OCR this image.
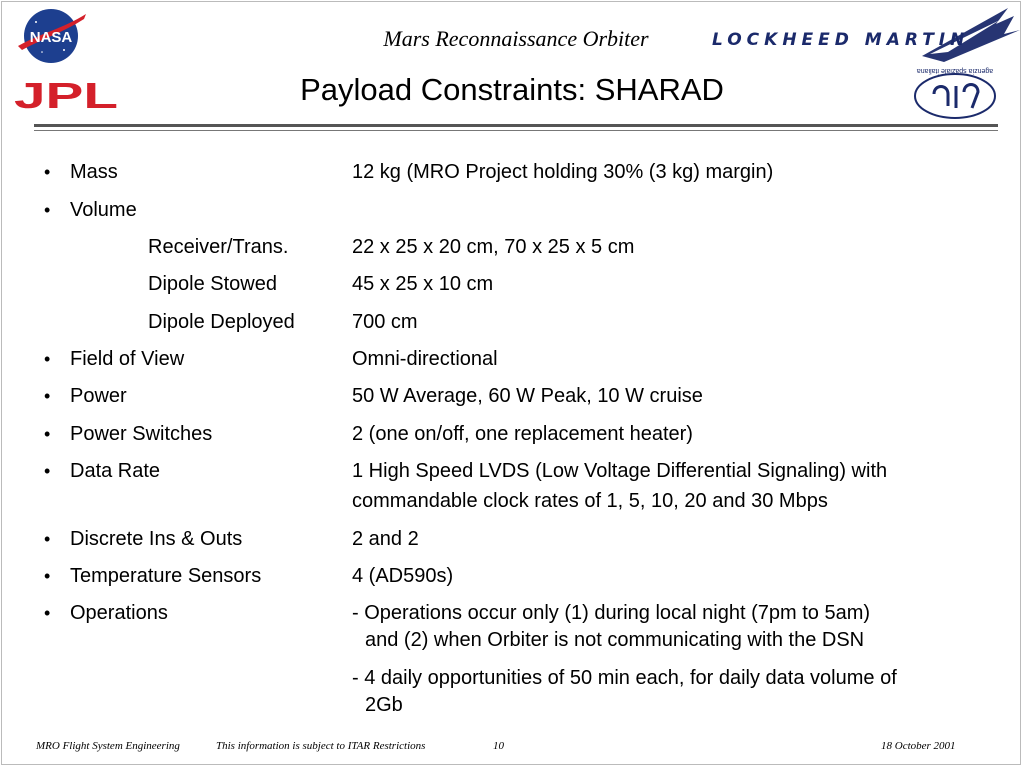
NASA
JPL
Mars Reconnaissance Orbiter
Payload Constraints: SHARAD
LOCKHEED MARTIN
agenzia spaziale italiana
• Mass	12 kg (MRO Project holding 30% (3 kg) margin)
• Volume
Receiver/Trans.	22 x 25 x 20 cm, 70 x 25 x 5 cm
Dipole Stowed	45 x 25 x 10 cm
Dipole Deployed	700 cm
• Field of View	Omni-directional
• Power	50 W Average, 60 W Peak, 10 W cruise
• Power Switches	2 (one on/off, one replacement heater)
• Data Rate	1 High Speed LVDS (Low Voltage Differential Signaling) with
commandable clock rates of 1, 5, 10, 20 and 30 Mbps
• Discrete Ins & Outs	2 and 2
• Temperature Sensors	4 (AD590s)
• Operations	- Operations occur only (1) during local night (7pm to 5am)
and (2) when Orbiter is not communicating with the DSN
- 4 daily opportunities of 50 min each, for daily data volume of
2Gb
MRO Flight System Engineering	This information is subject to ITAR Restrictions	10	18 October 2001
